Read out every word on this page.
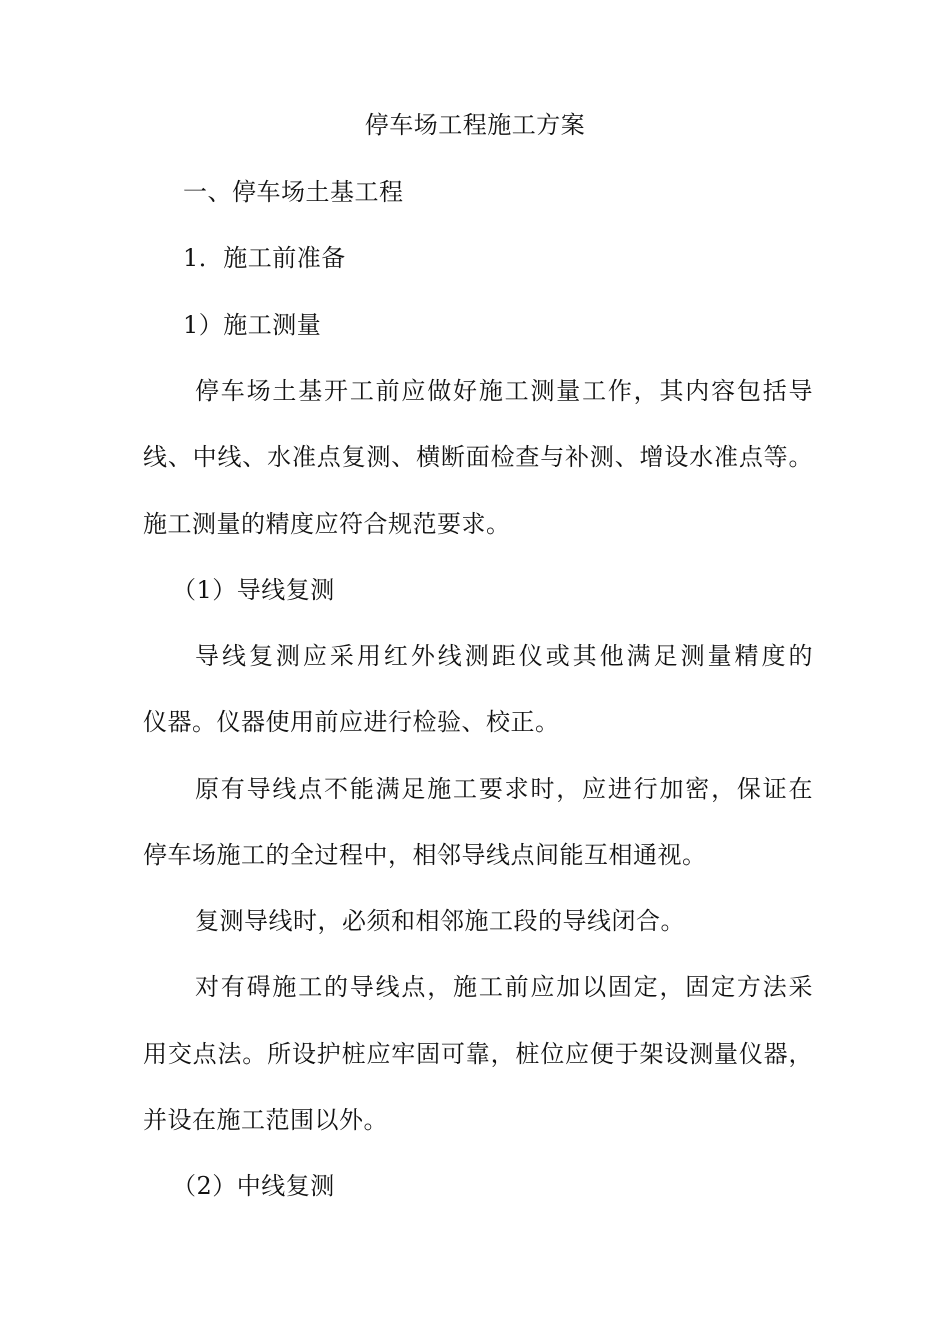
停车场工程施工方案
一、停车场土基工程
1．施工前准备
1）施工测量
停车场土基开工前应做好施工测量工作，其内容包括导
线、中线、水准点复测、横断面检查与补测、增设水准点等。
施工测量的精度应符合规范要求。
（1）导线复测
导线复测应采用红外线测距仪或其他满足测量精度的
仪器。仪器使用前应进行检验、校正。
原有导线点不能满足施工要求时，应进行加密，保证在
停车场施工的全过程中，相邻导线点间能互相通视。
复测导线时，必须和相邻施工段的导线闭合。
对有碍施工的导线点，施工前应加以固定，固定方法采
用交点法。所设护桩应牢固可靠，桩位应便于架设测量仪器，
并设在施工范围以外。
（2）中线复测
